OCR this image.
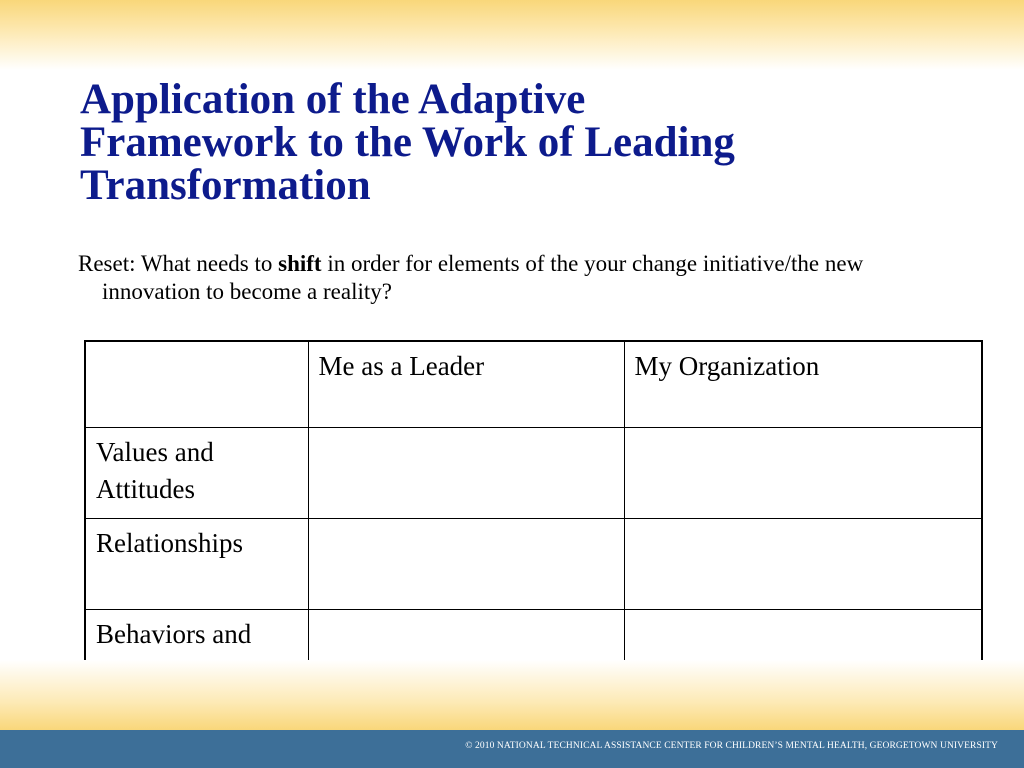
Application of the Adaptive
Framework to the Work of Leading
Transformation

Reset: What needs to shift in order for elements of the your change initiative/the new innovation to become a reality?

	Me as a Leader	My Organization
Values and Attitudes		
Relationships		
Behaviors and		
© 2010 NATIONAL TECHNICAL ASSISTANCE CENTER FOR CHILDREN’S MENTAL HEALTH, GEORGETOWN UNIVERSITY
